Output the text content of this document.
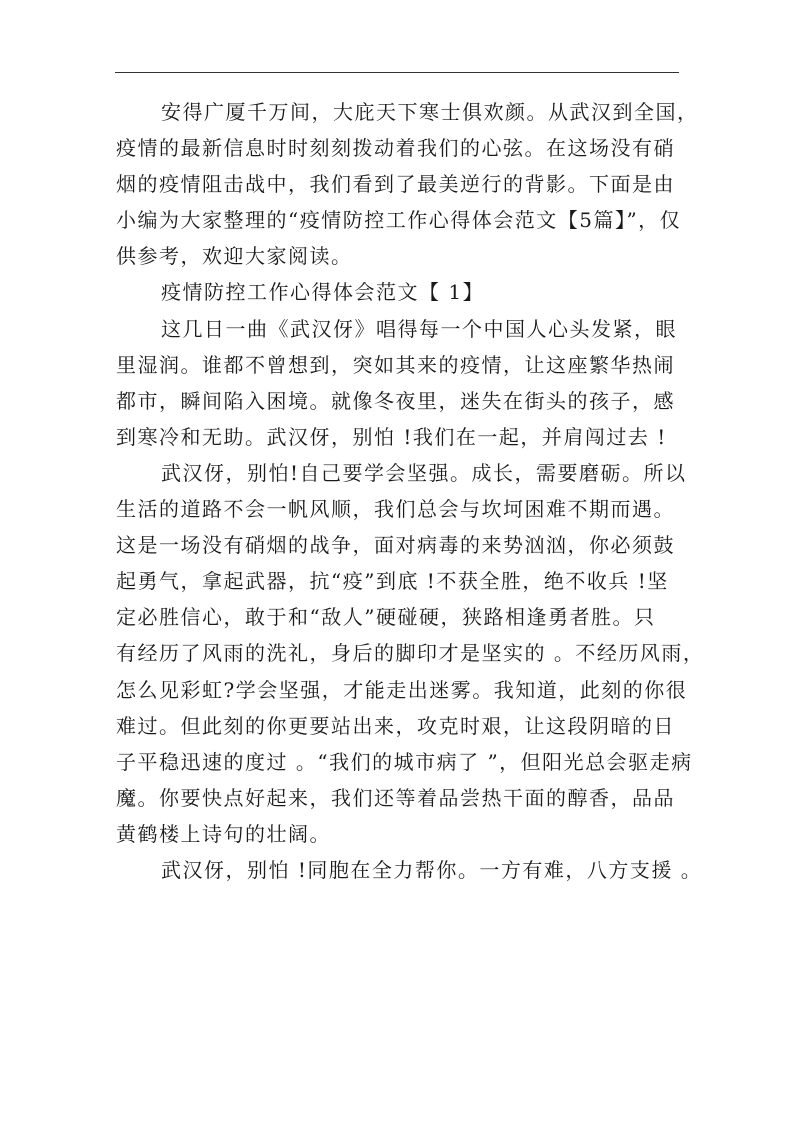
安得广厦千万间，大庇天下寒士俱欢颜。从武汉到全国，
疫情的最新信息时时刻刻拨动着我们的心弦。在这场没有硝
烟的疫情阻击战中，我们看到了最美逆行的背影。下面是由
小编为大家整理的“疫情防控工作心得体会范文【5篇】”，仅
供参考，欢迎大家阅读。

疫情防控工作心得体会范文【 1】

这几日一曲《武汉伢》唱得每一个中国人心头发紧，眼
里湿润。谁都不曾想到，突如其来的疫情，让这座繁华热闹
都市，瞬间陷入困境。就像冬夜里，迷失在街头的孩子，感
到寒冷和无助。武汉伢，别怕 !我们在一起，并肩闯过去 !

武汉伢，别怕!自己要学会坚强。成长，需要磨砺。所以
生活的道路不会一帆风顺，我们总会与坎坷困难不期而遇。
这是一场没有硝烟的战争，面对病毒的来势汹汹，你必须鼓
起勇气，拿起武器，抗“疫”到底 !不获全胜，绝不收兵 !坚
定必胜信心，敢于和“敌人”硬碰硬，狭路相逢勇者胜。只
有经历了风雨的洗礼，身后的脚印才是坚实的 。不经历风雨，
怎么见彩虹?学会坚强，才能走出迷雾。我知道，此刻的你很
难过。但此刻的你更要站出来，攻克时艰，让这段阴暗的日
子平稳迅速的度过 。“我们的城市病了 ”，但阳光总会驱走病
魔。你要快点好起来，我们还等着品尝热干面的醇香，品品
黄鹤楼上诗句的壮阔。

武汉伢，别怕 !同胞在全力帮你。一方有难，八方支援 。
